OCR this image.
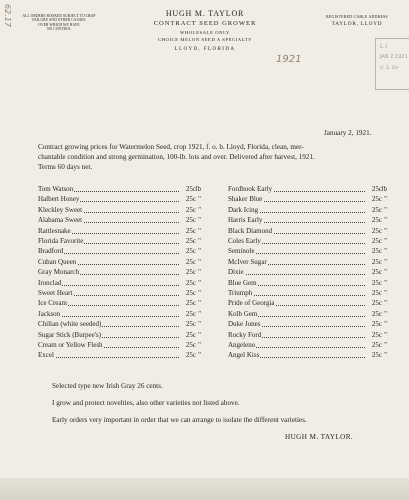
62.17
1921
L I
JAN 2 1921
U. S. De
ALL ORDERS BOOKED SUBJECT TO CROP
FAILURE AND OTHER CAUSES
OVER WHICH WE HAVE
NO CONTROL
HUGH M. TAYLOR
CONTRACT SEED GROWER
WHOLESALE ONLY
CHOICE MELON SEED A SPECIALTY
LLOYD, FLORIDA
REGISTERED CABLE ADDRESS
TAYLOR, LLOYD
January 2, 1921.
Contract growing prices for Watermelon Seed, crop 1921, f. o. b. Lloyd, Florida, clean, mer-
chantable condition and strong germination, 100-lb. lots and over. Delivered after harvest, 1921.
Terms 60 days net.
Tom Watson	25c lb
Halbert Honey	25c "
Kleckley Sweet	25c "
Alabama Sweet	25c "
Rattlesnake	25c "
Florida Favorite	25c "
Bradford	25c "
Cuban Queen	25c "
Gray Monarch	25c "
Ironclad	25c "
Sweet Heart	25c "
Ice Cream	25c "
Jackson	25c "
Chilian (white seeded)	25c "
Sugar Stick (Burpee's)	25c "
Cream or Yellow Flesh	25c "
Excel	25c "
Fordhook Early	25c lb
Shaker Blue	25c "
Dark Icing	25c "
Harris Early	25c "
Black Diamond	25c "
Coles Early	25c "
Seminole	25c "
McIver Sugar	25c "
Dixie	25c "
Blue Gem	25c "
Triumph	25c "
Pride of Georgia	25c "
Kolb Gem	25c "
Duke Jones	25c "
Rocky Ford	25c "
Angeleno	25c "
Angel Kiss	25c "
Selected type new Irish Gray 26 cents.
I grow and protect novelties, also other varieties not listed above.
Early orders very important in order that we can arrange to isolate the different varieties.
HUGH M. TAYLOR.
